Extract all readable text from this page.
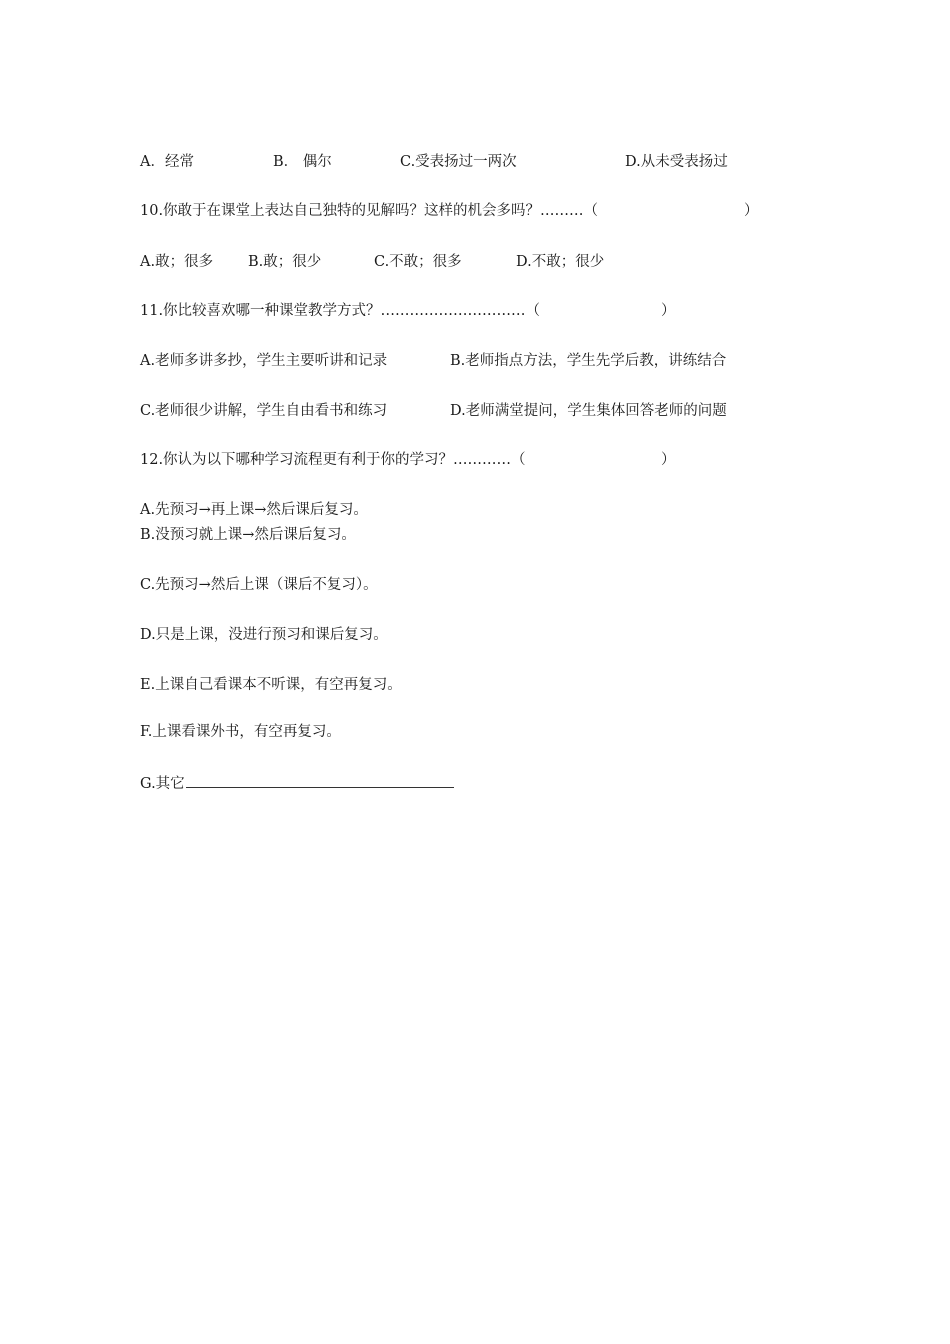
A．经常	B． 偶尔	C.受表扬过一两次	D.从未受表扬过
10.你敢于在课堂上表达自己独特的见解吗？这样的机会多吗？………（	）
A.敢；很多 B.敢；很少	C.不敢；很多	D.不敢；很少
11.你比较喜欢哪一种课堂教学方式？…………………………（	）
A.老师多讲多抄，学生主要听讲和记录	B.老师指点方法，学生先学后教，讲练结合
C.老师很少讲解，学生自由看书和练习	D.老师满堂提问，学生集体回答老师的问题
12.你认为以下哪种学习流程更有利于你的学习？…………（	）
A.先预习→再上课→然后课后复习。
B.没预习就上课→然后课后复习。
C.先预习→然后上课（课后不复习）。
D.只是上课，没进行预习和课后复习。
E.上课自己看课本不听课，有空再复习。
F.上课看课外书，有空再复习。
G.其它
